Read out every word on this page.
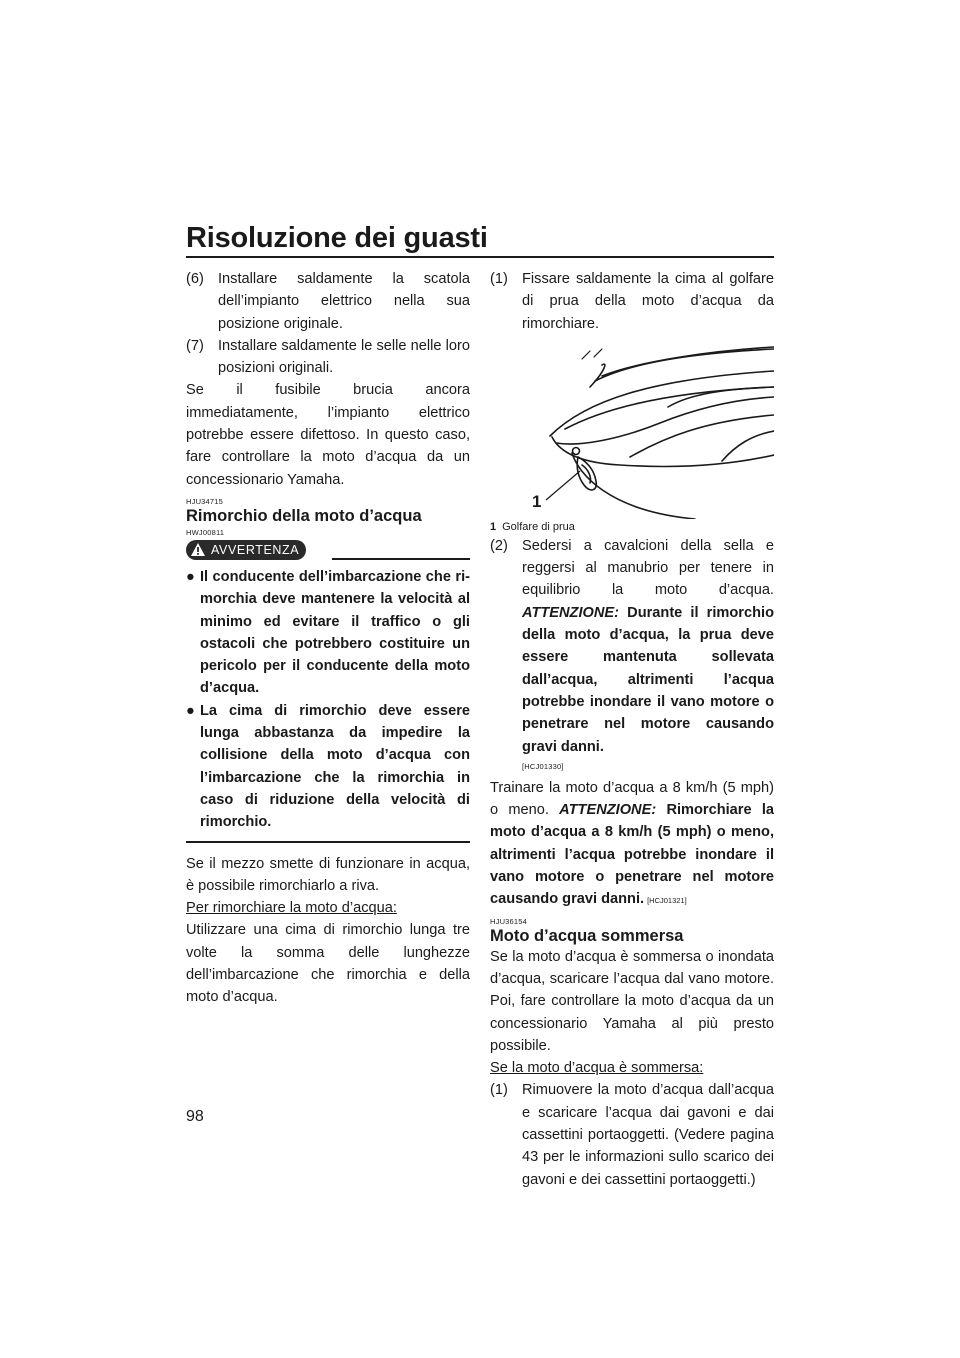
Risoluzione dei guasti

(6) Installare saldamente la scatola dell’impianto elettrico nella sua posizione originale.

(7) Installare saldamente le selle nelle loro posizioni originali.

Se il fusibile brucia ancora immediatamente, l’impianto elettrico potrebbe essere difettoso. In questo caso, fare controllare la moto d’acqua da un concessionario Yamaha.

HJU34715
Rimorchio della moto d’acqua
HWJ00811
AVVERTENZA
● Il conducente dell’imbarcazione che rimorchia deve mantenere la velocità al minimo ed evitare il traffico o gli ostacoli che potrebbero costituire un pericolo per il conducente della moto d’acqua.
● La cima di rimorchio deve essere lunga abbastanza da impedire la collisione della moto d’acqua con l’imbarcazione che la rimorchia in caso di riduzione della velocità di rimorchio.

Se il mezzo smette di funzionare in acqua, è possibile rimorchiarlo a riva.

Per rimorchiare la moto d’acqua:

Utilizzare una cima di rimorchio lunga tre volte la somma delle lunghezze dell’imbarcazione che rimorchia e della moto d’acqua.

(1) Fissare saldamente la cima al golfare di prua della moto d’acqua da rimorchiare.

1

1 Golfare di prua

(2) Sedersi a cavalcioni della sella e reggersi al manubrio per tenere in equilibrio la moto d’acqua. ATTENZIONE: Durante il rimorchio della moto d’acqua, la prua deve essere mantenuta sollevata dall’acqua, altrimenti l’acqua potrebbe inondare il vano motore o penetrare nel motore causando gravi danni.

[HCJ01330]

Trainare la moto d’acqua a 8 km/h (5 mph) o meno. ATTENZIONE: Rimorchiare la moto d’acqua a 8 km/h (5 mph) o meno, altrimenti l’acqua potrebbe inondare il vano motore o penetrare nel motore causando gravi danni. [HCJ01321]

HJU36154
Moto d’acqua sommersa

Se la moto d’acqua è sommersa o inondata d’acqua, scaricare l’acqua dal vano motore. Poi, fare controllare la moto d’acqua da un concessionario Yamaha al più presto possibile.

Se la moto d’acqua è sommersa:

(1) Rimuovere la moto d’acqua dall’acqua e scaricare l’acqua dai gavoni e dai cassettini portaoggetti. (Vedere pagina 43 per le informazioni sullo scarico dei gavoni e dei cassettini portaoggetti.)

98
